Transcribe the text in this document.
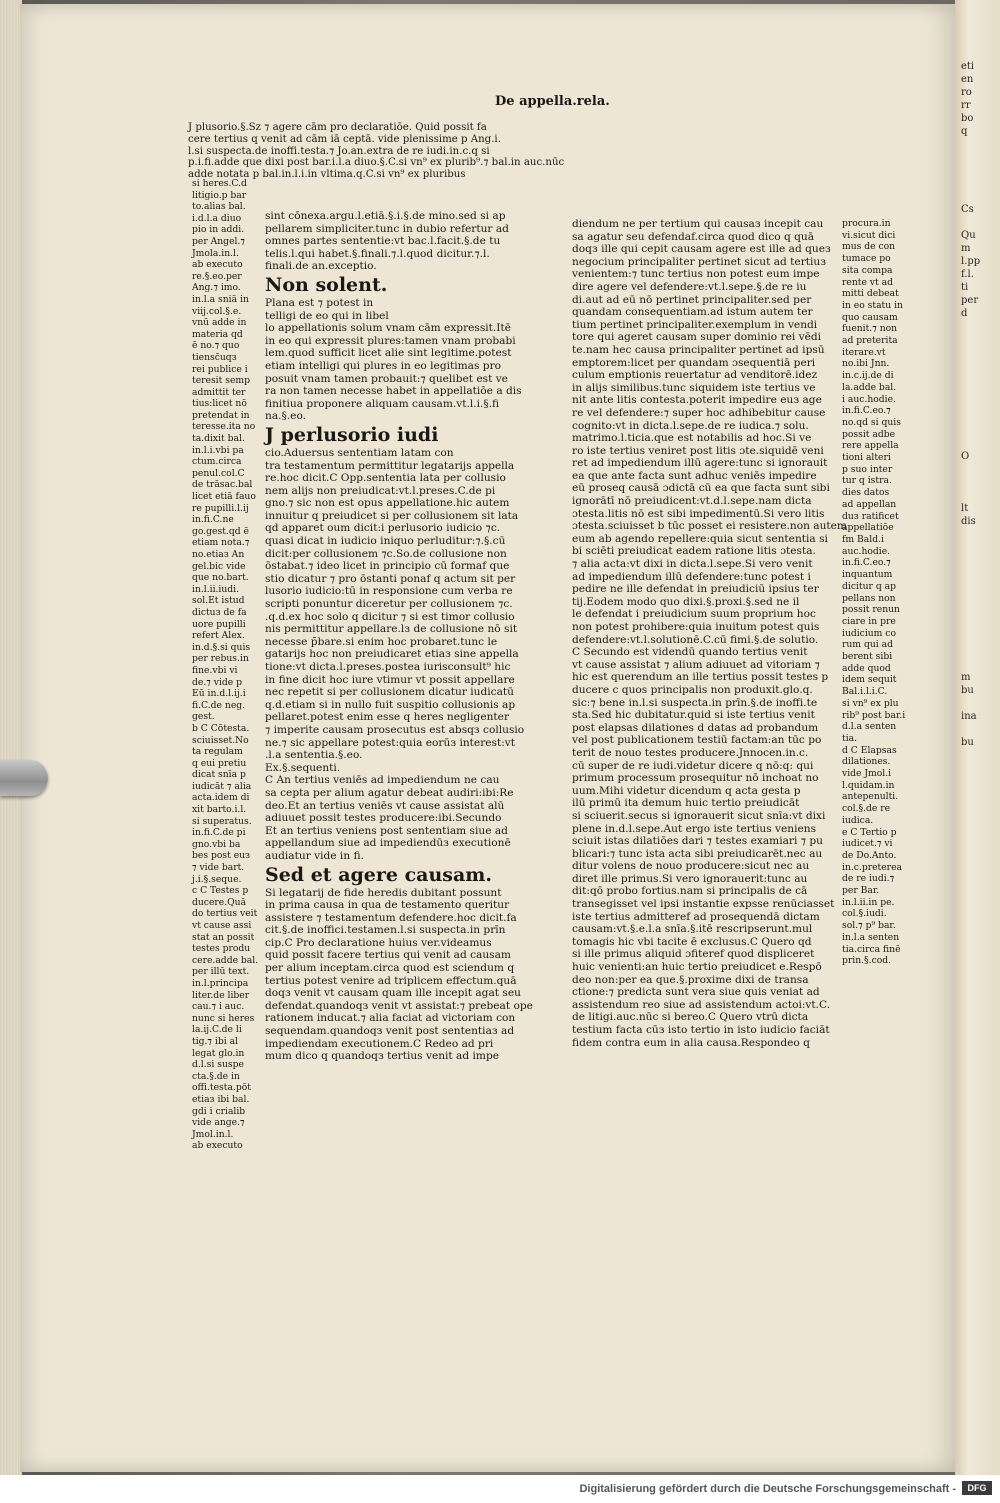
eti
en
ro
rr
bo
q

Cs

Qu
m
l.pp
f.l.
ti
per
d

O

lt
dis

m
bu

ina

bu
De appella.rela.
J plusorio.§.Sz ⁊ agere cām pro declaratiōe. Quid possit fa
cere tertius q venit ad cām iā ceptā. vide plenissime p Ang.i.
l.si suspecta.de inoffi.testa.⁊ Jo.an.extra de re iudi.in.c.q si
p.i.fi.adde que dixi post bar.i.l.a diuo.§.C.si vn⁹ ex plurib⁹.⁊ bal.in auc.nūc
adde notata p bal.in.l.i.in vltima.q.C.si vn⁹ ex pluribus
si heres.C.d
litigio.p bar
to.alias bal.
i.d.l.a diuo
pio in addi.
per Angel.⁊
Jmola.in.l.
ab executo
re.§.eo.per
Ang.⁊ imo.
in.l.a sniā in
viij.col.§.e.
vnū adde in
materia qd
ē no.⁊ quo
tiensc̄uqз
rei publice i
teresit semp
admittit ter
tius:licet nō
pretendat in
teresse.ita no
ta.dixit bal.
in.l.i.vbi pa
ctum.circa
penul.col.C
de trāsac.bal
licet etiā fauo
re pupilli.l.ij
in.fi.C.ne
go.gest.qd ē
etiam nota.⁊
no.etiaз An
gel.bic vide
que no.bart.
in.l.ii.iudi.
sol.Et istud
dictuз de fa
uore pupilli
refert Alex.
in.d.§.si quis
per rebus.in
fine.vbi vi
de.⁊ vide p
Eū in.d.l.ij.i
fi.C.de neg.
gest.
b C Cōtesta.
sciuisset.No
ta regulam
q eui pretiu
dicat snīa p
iudicāt ⁊ alia
acta.idem di
xit barto.i.l.
si superatus.
in.fi.C.de pi
gno.vbi ba
bes post euз
⁊ vide bart.
j.i.§.seque.
c C Testes p
ducere.Quā
do tertius veit
vt cause assi
stat an possit
testes produ
cere.adde bal.
per illū text.
in.l.principa
liter.de liber
cau.⁊ i auc.
nunc si heres
la.ij.C.de li
tig.⁊ ibi al
legat glo.in
d.l.si suspe
cta.§.de in
offi.testa.pōt
etiaз ibi bal.
gdi i crialib
vide ange.⁊
Jmol.in.l.
ab executo
procura.in
vi.sicut dici
mus de con
tumace po
sita compa
rente vt ad
mitti debeat
in eo statu in
quo causam
fuenit.⁊ non
ad preterita
iterare.vt
no.ibi Jnn.
in.c.ij.de di
la.adde bal.
i auc.hodie.
in.fi.C.eo.⁊
no.qd si quis
possit adbe
rere appella
tioni alteri
p suo inter
tur q istra.
dies datos
ad appellan
duз ratificet
appellatiōe
fm Bald.i
auc.hodie.
in.fi.C.eo.⁊
inquantum
dicitur q ap
pellans non
possit renun
ciare in pre
iudicium co
rum qui ad
berent sibi
adde quod
idem sequit
Bal.i.l.i.C.
si vn⁹ ex plu
rib⁹ post bar.i
d.l.a senten
tia.
d C Elapsas
dilationes.
vide Jmol.i
l.quidam.in
antepenulti.
col.§.de re
iudica.
e C Tertio p
iudicet.⁊ vi
de Do.Anto.
in.c.preterea
de re iudi.⁊
per Bar.
in.l.ii.in pe.
col.§.iudi.
sol.⁊ p⁹ bar.
in.l.a senten
tia.circa finē
prin.§.cod.
sint cōnexa.argu.l.etiā.§.i.§.de mino.sed si ap
pellarem simpliciter.tunc in dubio refertur ad
omnes partes sententie:vt bac.l.facit.§.de tu
telis.l.qui habet.§.finali.⁊.l.quod dicitur.⁊.l.
finali.de an.exceptio.

Non solent.
Plana est ⁊ potest in
telligi de eo qui in libel
lo appellationis solum vnam cām expressit.Itē
in eo qui expressit plures:tamen vnam probabi
lem.quod sufficit licet alie sint legitime.potest
etiam intelligi qui plures in eo legitimas pro
posuit vnam tamen probauit:⁊ quelibet est ve
ra non tamen necesse habet in appellatiōe a dis
finitiua proponere aliquam causam.vt.l.i.§.fi
na.§.eo.

J perlusorio iudi
cio.Aduersus sententiam latam con
tra testamentum permittitur legatarijs appella
re.hoc dicit.C Opp.sententia lata per collusio
nem alijs non preiudicat:vt.l.preses.C.de pi
gno.⁊ sic non est opus appellatione.hic autem
innuitur q preiudicet si per collusionem sit lata
qd apparet oum dicit:i perlusorio iudicio ⁊c.
quasi dicat in iudicio iniquo perluditur:⁊.§.cū
dicit:per collusionem ⁊c.So.de collusione non
ōstabat.⁊ ideo licet in principio cū formaf que
stio dicatur ⁊ pro ōstanti ponaf q actum sit per
lusorio iudicio:tū in responsione cum verba re
scripti ponuntur diceretur per collusionem ⁊c.
.q.d.ex hoc solo q dicitur ⁊ si est timor collusio
nis permittitur appellare.lз de collusione nō sit
necesse p̄bare.si enim hoc probaret.tunc le
gatarijs hoc non preiudicaret etiaз sine appella
tione:vt dicta.l.preses.postea iurisconsult⁹ hic
in fine dicit hoc iure vtimur vt possit appellare
nec repetit si per collusionem dicatur iudicatū
q.d.etiam si in nullo fuit suspitio collusionis ap
pellaret.potest enim esse q heres negligenter
⁊ imperite causam prosecutus est absqз collusio
ne.⁊ sic appellare potest:quia eorūз interest:vt
.l.a sententia.§.eo.
Ex.§.sequenti.
C An tertius veniēs ad impediendum ne cau
sa cepta per alium agatur debeat audiri:ibi:Re
deo.Et an tertius veniēs vt cause assistat alū
adiuuet possit testes producere:ibi.Secundo
Et an tertius veniens post sententiam siue ad
appellandum siue ad impediendūз executionē
audiatur vide in fi.

Sed et agere causam.
Si legatarij de fide heredis dubitant possunt
in prima causa in qua de testamento queritur
assistere ⁊ testamentum defendere.hoc dicit.fa
cit.§.de inoffici.testamen.l.si suspecta.in prīn
cip.C Pro declaratione huius ver.videamus
quid possit facere tertius qui venit ad causam
per alium inceptam.circa quod est sciendum q
tertius potest venire ad triplicem effectum.quā
doqз venit vt causam quam ille incepit agat seu
defendat.quandoqз venit vt assistat:⁊ prebeat ope
rationem inducat.⁊ alia faciat ad victoriam con
sequendam.quandoqз venit post sententiaз ad
impediendam executionem.C Redeo ad pri
mum dico q quandoqз tertius venit ad impe
diendum ne per tertium qui causaз incepit cau
sa agatur seu defendaf.circa quod dico q quā
doqз ille qui cepit causam agere est ille ad queз
negocium principaliter pertinet sicut ad tertiuз
venientem:⁊ tunc tertius non potest eum impe
dire agere vel defendere:vt.l.sepe.§.de re iu
di.aut ad eū nō pertinet principaliter.sed per
quandam consequentiam.ad istum autem ter
tium pertinet principaliter.exemplum in vendi
tore qui ageret causam super dominio rei vēdi
te.nam hec causa principaliter pertinet ad ipsū
emptorem:licet per quandam ɔsequentiā peri
culum emptionis reuertatur ad venditorē.idez
in alijs similibus.tunc siquidem iste tertius ve
nit ante litis contesta.poterit impedire euз age
re vel defendere:⁊ super hoc adhibebitur cause
cognito:vt in dicta.l.sepe.de re iudica.⁊ solu.
matrimo.l.ticia.que est notabilis ad hoc.Si ve
ro iste tertius veniret post litis ɔte.siquidē veni
ret ad impediendum illū agere:tunc si ignorauit
ea que ante facta sunt adhuc veniēs impedire
eū proseq causā ɔdictā cū ea que facta sunt sibi
ignorātī nō preiudicent:vt.d.l.sepe.nam dicta
ɔtesta.litis nō est sibi impedimentū.Si vero litis
ɔtesta.sciuisset b tūc posset ei resistere.non autem
eum ab agendo repellere:quia sicut sententia si
bi sciēti preiudicat eadem ratione litis ɔtesta.
⁊ alia acta:vt dixi in dicta.l.sepe.Si vero venit
ad impediendum illū defendere:tunc potest i
pedire ne ille defendat in preiudiciū ipsius ter
tij.Eodem modo quo dixi.§.proxi.§.sed ne il
le defendat i preiudicium suum proprium hoc
non potest prohibere:quia inuitum potest quis
defendere:vt.l.solutionē.C.cū fimi.§.de solutio.
C Secundo est videndū quando tertius venit
vt cause assistat ⁊ alium adiuuet ad vitoriam ⁊
hic est querendum an ille tertius possit testes p
ducere c quos principalis non produxit.glo.q.
sic:⁊ bene in.l.si suspecta.in prīn.§.de inoffi.te
sta.Sed hic dubitatur.quid si iste tertius venit
post elapsas dilationes d datas ad probandum
vel post publicationem testiū factam:an tūc po
terit de nouo testes producere.Jnnocen.in.c.
cū super de re iudi.videtur dicere q nō:q: qui
primum processum prosequitur nō inchoat no
uum.Mihi videtur dicendum q acta gesta p
ilū primū ita demum huic tertio preiudicāt
si sciuerit.secus si ignorauerit sicut snīa:vt dixi
plene in.d.l.sepe.Aut ergo iste tertius veniens
sciuit istas dilatiōes dari ⁊ testes examiari ⁊ pu
blicari:⁊ tunc ista acta sibi preiudicarēt.nec au
ditur volens de nouo producere:sicut nec au
diret ille primus.Si vero ignorauerit:tunc au
dit:qō probo fortius.nam si principalis de cā
transegisset vel ipsi instantie expsse renūciasset
iste tertius admitteref ad prosequendā dictam
causam:vt.§.e.l.a snīa.§.itē rescripserunt.mul
tomagis hic vbi tacite ē exclusus.C Quero qd
si ille primus aliquid ɔfiteref quod displiceret
huic venienti:an huic tertio preiudicet e.Respō
deo non:per ea que.§.proxime dixi de transa
ctione:⁊ predicta sunt vera siue quis veniat ad
assistendum reo siue ad assistendum actoi:vt.C.
de litigi.auc.nūc si bereo.C Quero vtrū dicta
testium facta cūз isto tertio in isto iudicio faciāt
fidem contra eum in alia causa.Respondeo q
Digitalisierung gefördert durch die Deutsche Forschungsgemeinschaft -	DFG
